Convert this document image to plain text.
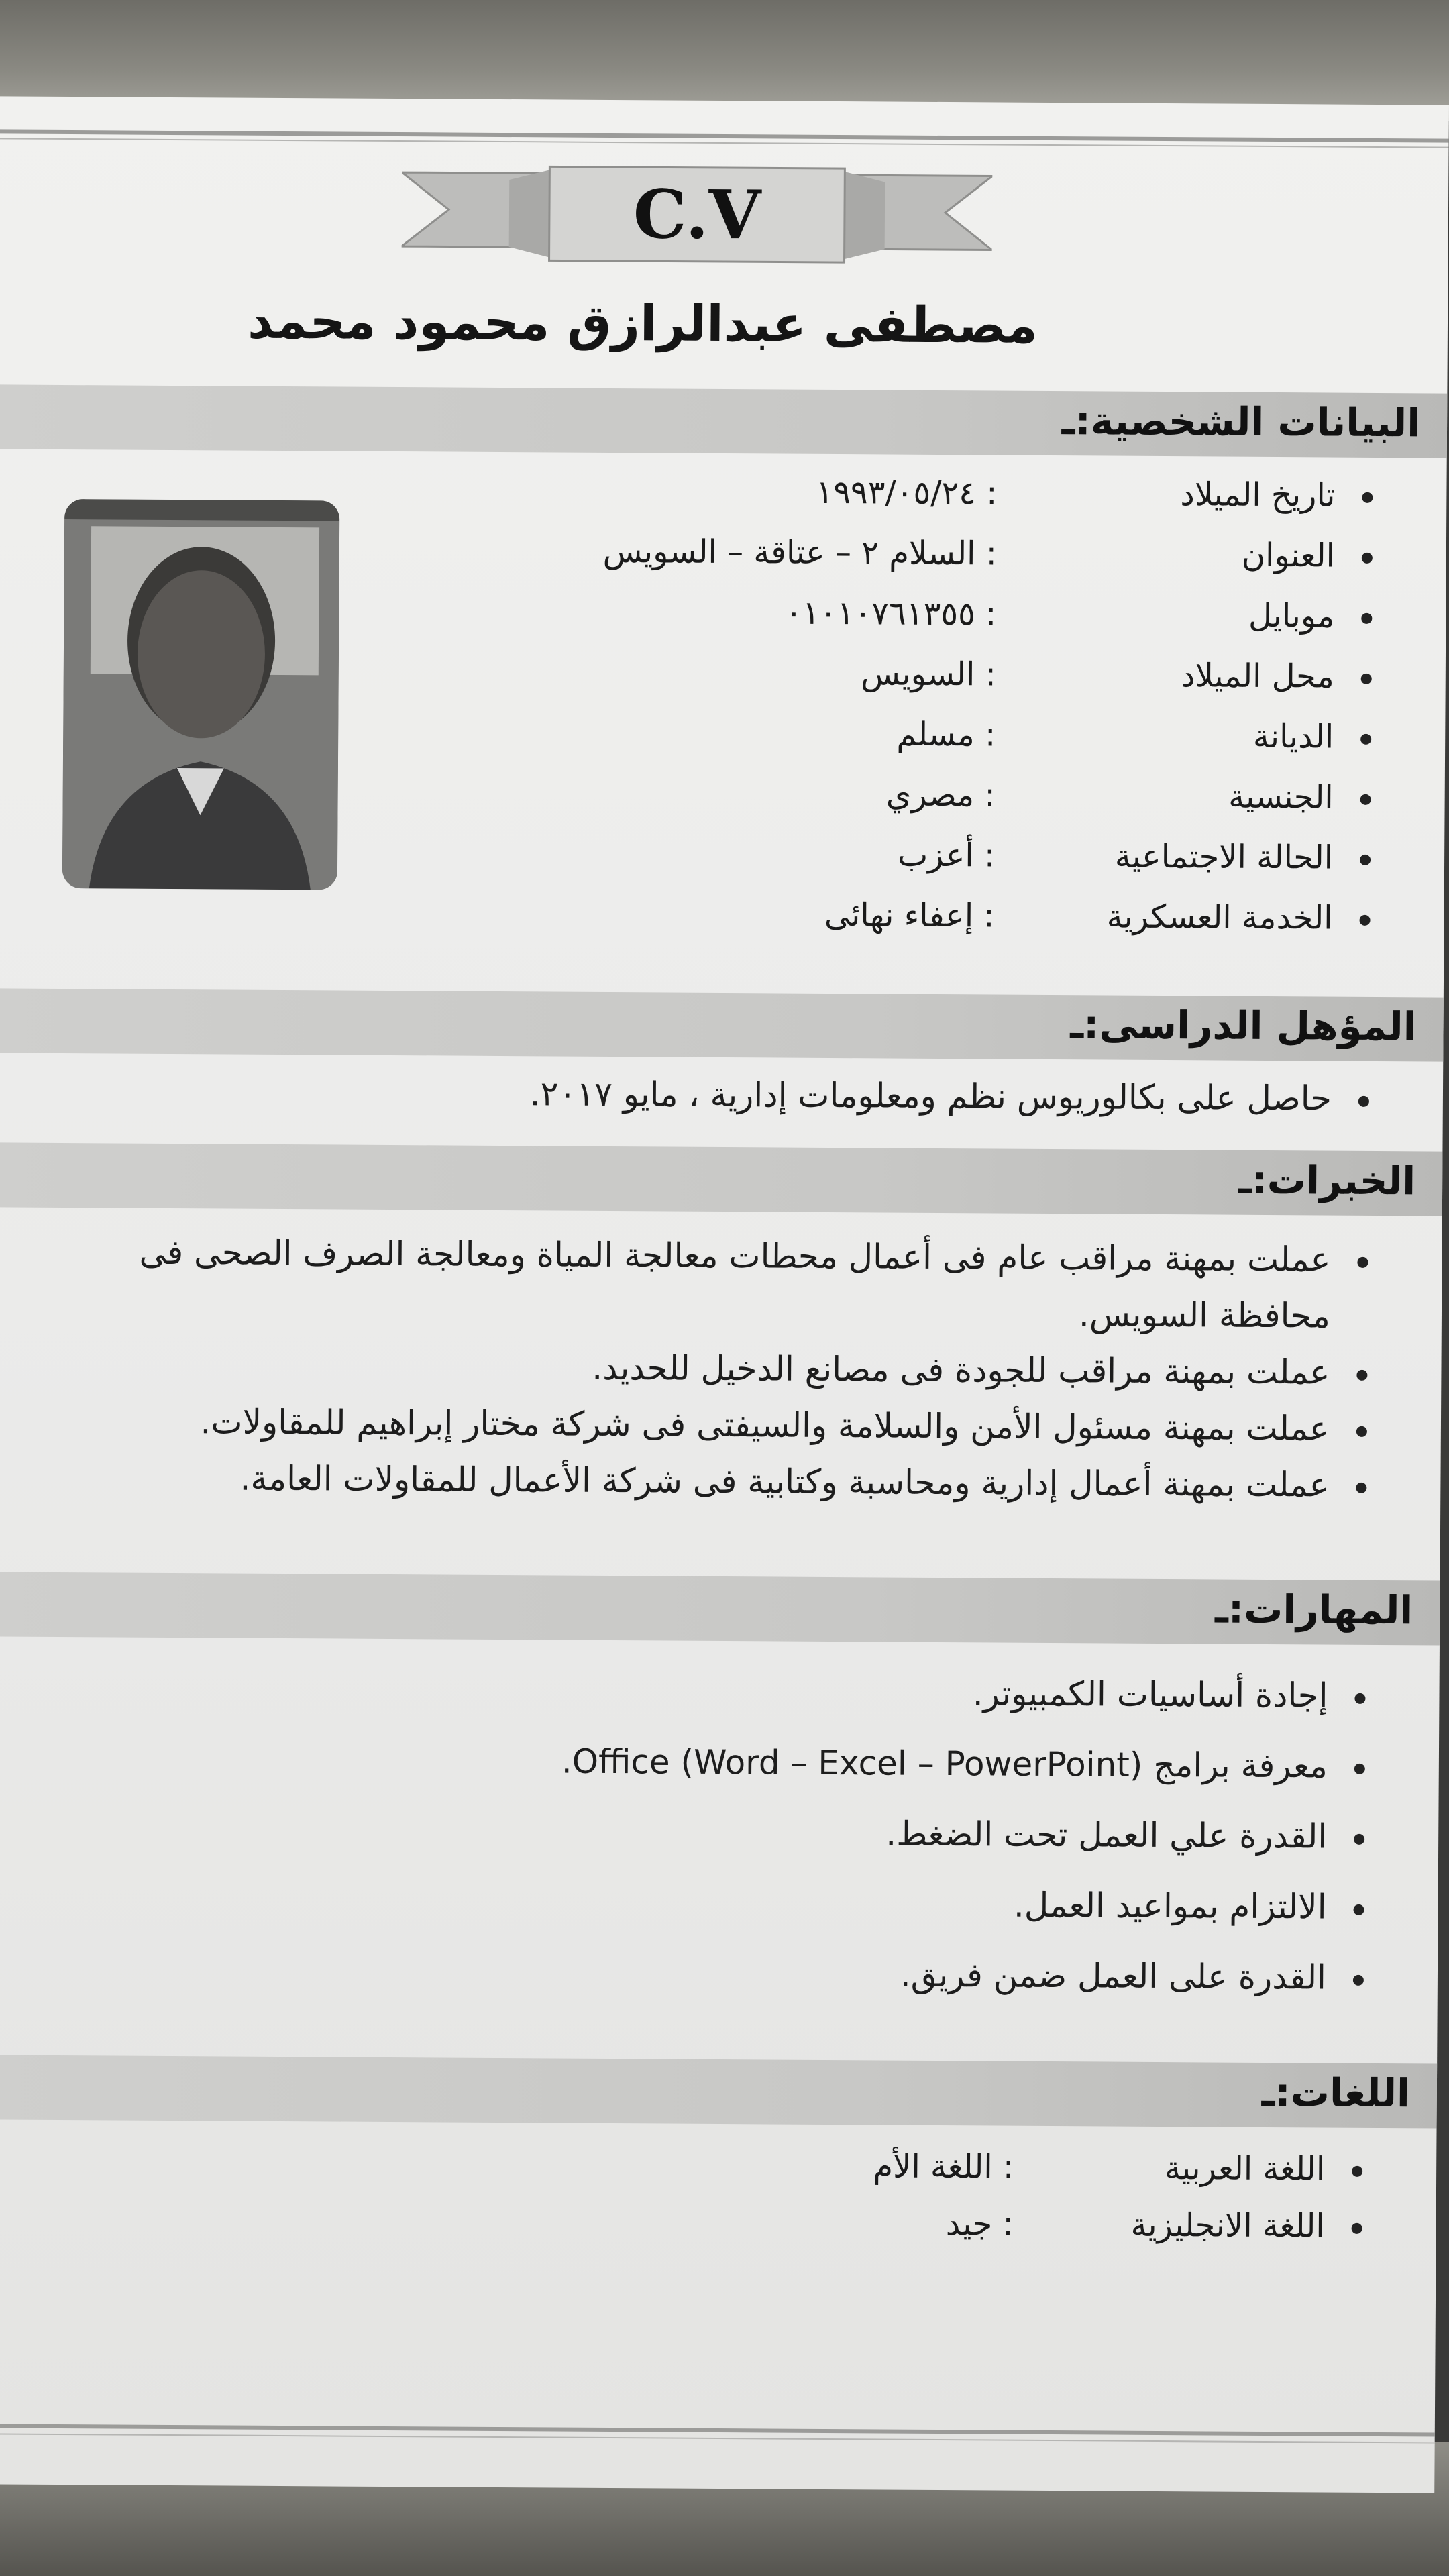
C.V
مصطفى عبدالرازق محمود محمد
البيانات الشخصية:ـ
تاريخ الميلاد
: ١٩٩٣/٠٥/٢٤
العنوان
: السلام ٢ – عتاقة – السويس
موبايل
: ٠١٠١٠٧٦١٣٥٥
محل الميلاد
: السويس
الديانة
: مسلم
الجنسية
: مصري
الحالة الاجتماعية
: أعزب
الخدمة العسكرية
: إعفاء نهائى
المؤهل الدراسى:ـ
حاصل على بكالوريوس نظم ومعلومات إدارية ، مايو ٢٠١٧.
الخبرات:ـ
عملت بمهنة مراقب عام فى أعمال محطات معالجة المياة ومعالجة الصرف الصحى فى
محافظة السويس.
عملت بمهنة مراقب للجودة فى مصانع الدخيل للحديد.
عملت بمهنة مسئول الأمن والسلامة والسيفتى فى شركة مختار إبراهيم للمقاولات.
عملت بمهنة أعمال إدارية ومحاسبة وكتابية فى شركة الأعمال للمقاولات العامة.
المهارات:ـ
إجادة أساسيات الكمبيوتر.
معرفة برامج Office (Word – Excel – PowerPoint).
القدرة علي العمل تحت الضغط.
الالتزام بمواعيد العمل.
القدرة على العمل ضمن فريق.
اللغات:ـ
اللغة العربية
: اللغة الأم
اللغة الانجليزية
: جيد
